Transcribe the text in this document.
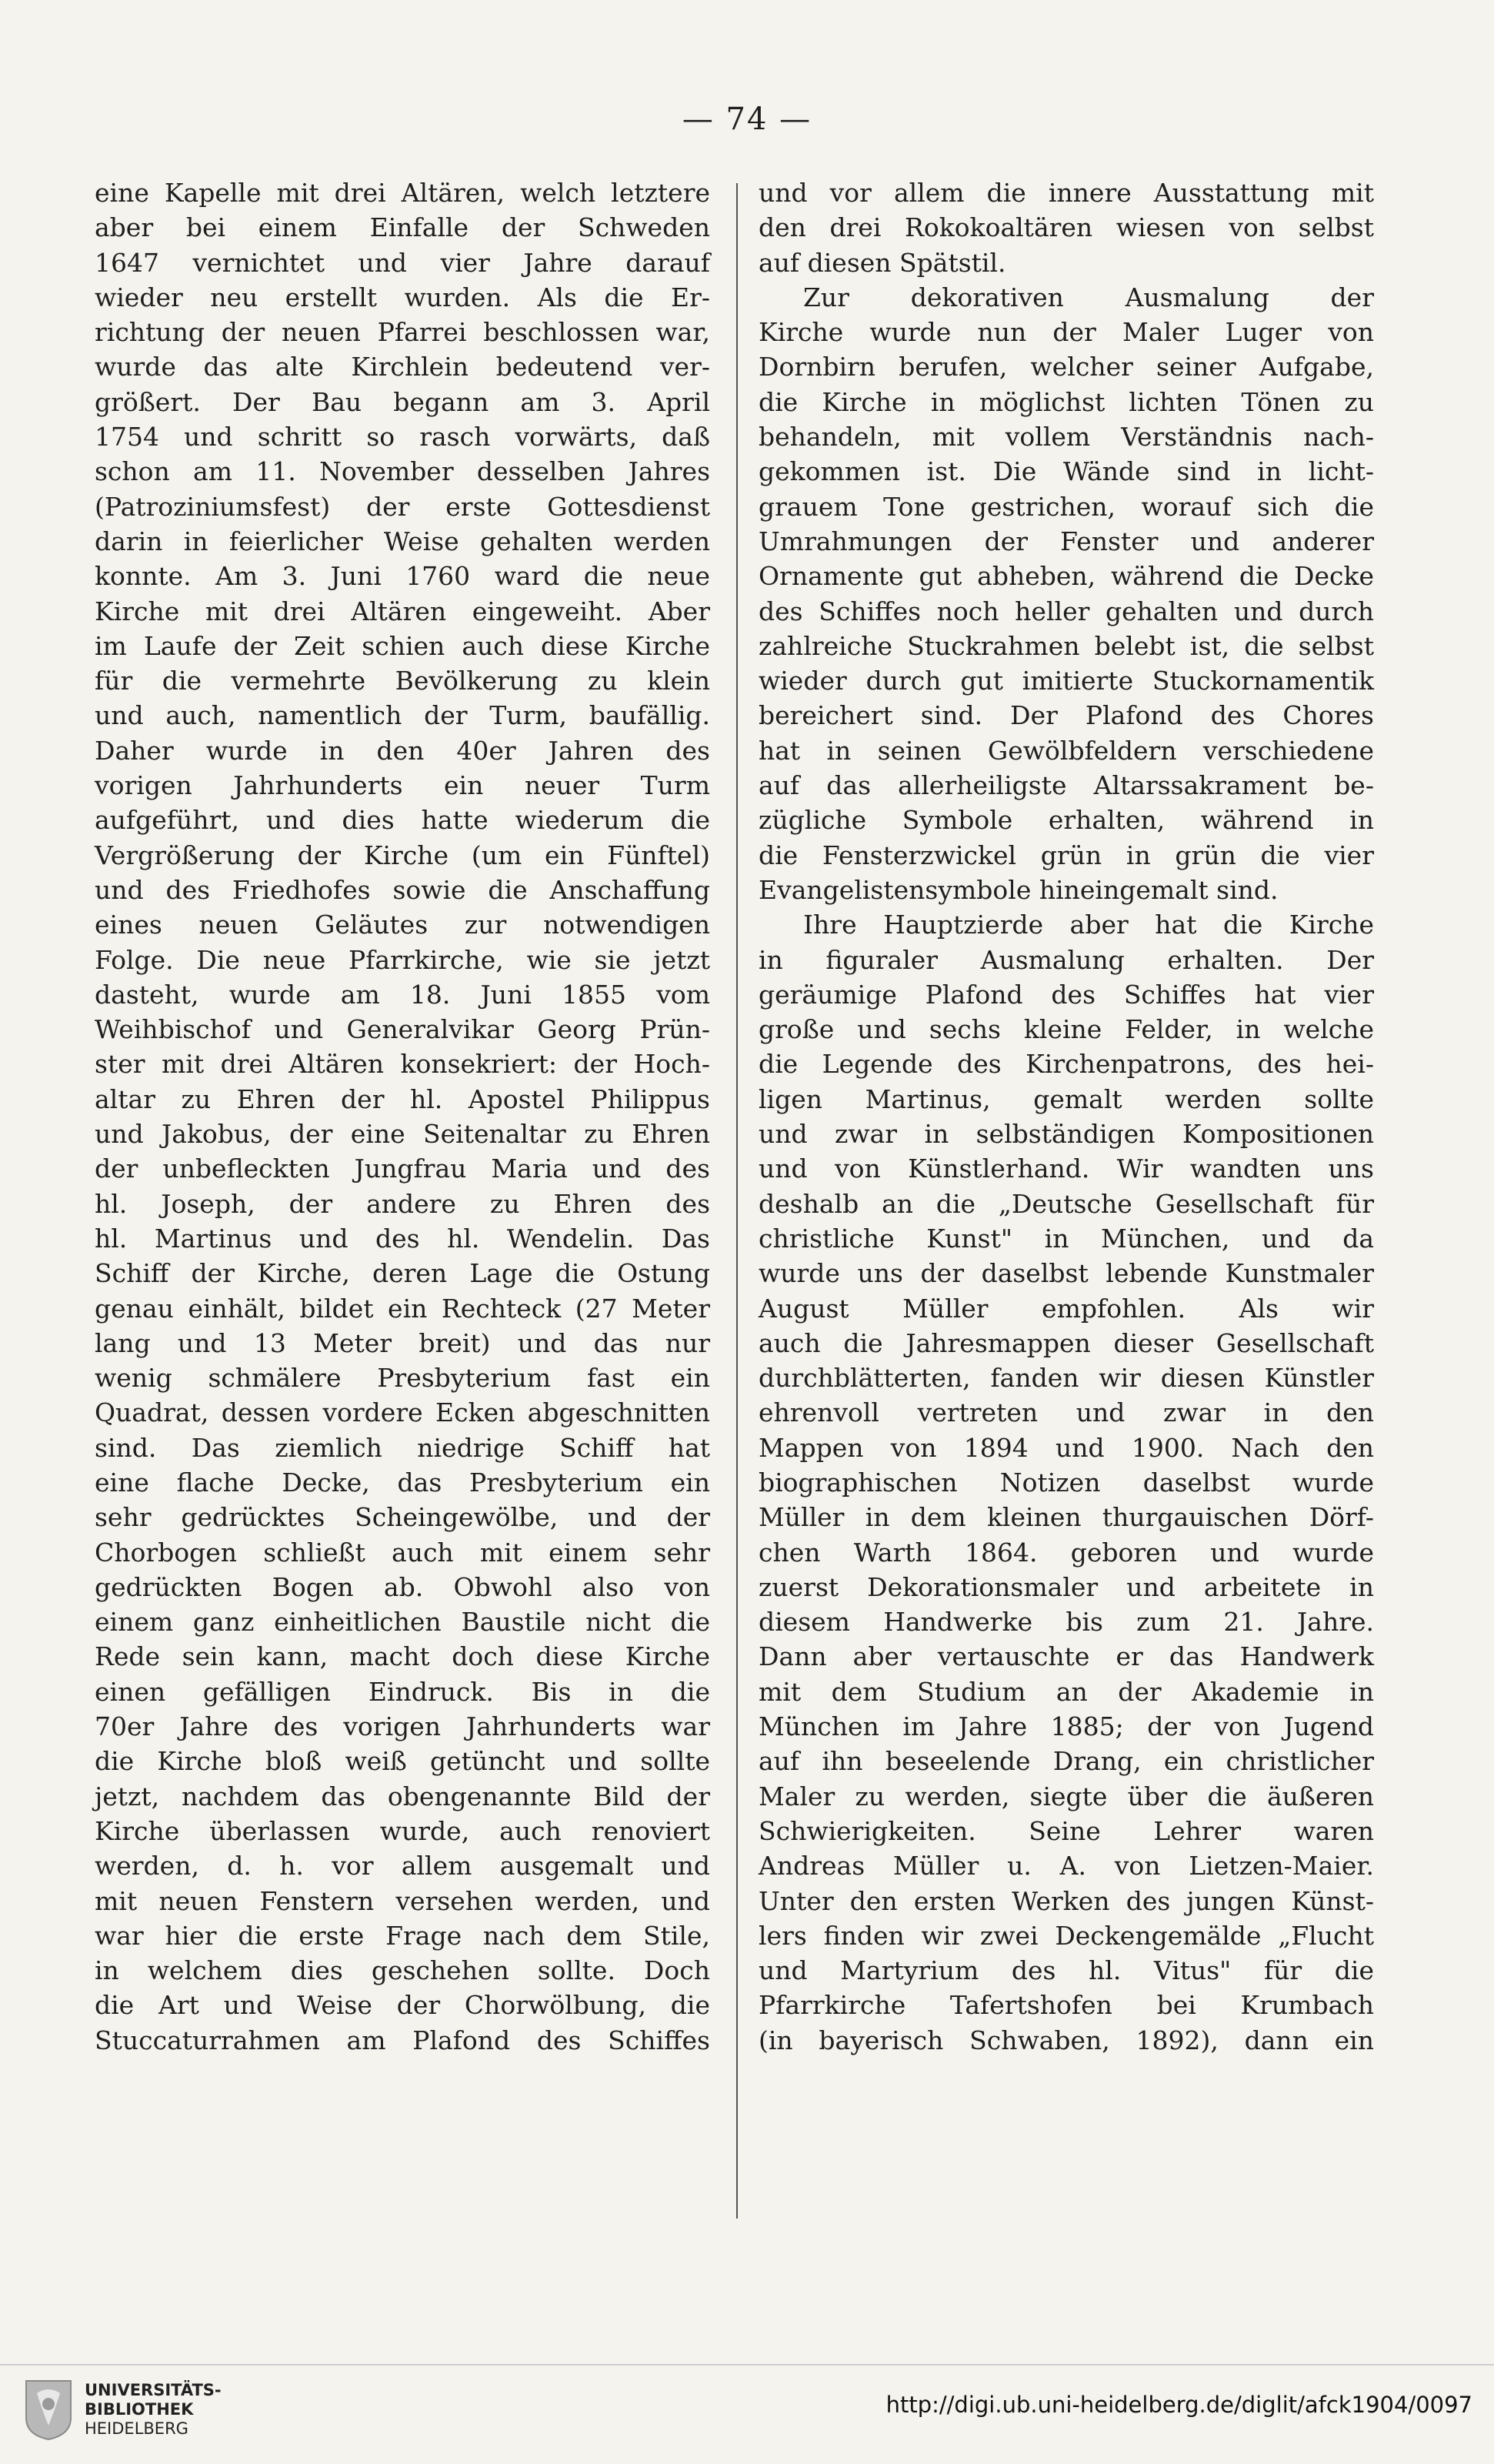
— 74 —
eine Kapelle mit drei Altären, welch letztere
aber bei einem Einfalle der Schweden
1647 vernichtet und vier Jahre darauf
wieder neu erstellt wurden. Als die Er-
richtung der neuen Pfarrei beschlossen war,
wurde das alte Kirchlein bedeutend ver-
größert. Der Bau begann am 3. April
1754 und schritt so rasch vorwärts, daß
schon am 11. November desselben Jahres
(Patroziniumsfest) der erste Gottesdienst
darin in feierlicher Weise gehalten werden
konnte. Am 3. Juni 1760 ward die neue
Kirche mit drei Altären eingeweiht. Aber
im Laufe der Zeit schien auch diese Kirche
für die vermehrte Bevölkerung zu klein
und auch, namentlich der Turm, baufällig.
Daher wurde in den 40er Jahren des
vorigen Jahrhunderts ein neuer Turm
aufgeführt, und dies hatte wiederum die
Vergrößerung der Kirche (um ein Fünftel)
und des Friedhofes sowie die Anschaffung
eines neuen Geläutes zur notwendigen
Folge. Die neue Pfarrkirche, wie sie jetzt
dasteht, wurde am 18. Juni 1855 vom
Weihbischof und Generalvikar Georg Prün-
ster mit drei Altären konsekriert: der Hoch-
altar zu Ehren der hl. Apostel Philippus
und Jakobus, der eine Seitenaltar zu Ehren
der unbefleckten Jungfrau Maria und des
hl. Joseph, der andere zu Ehren des
hl. Martinus und des hl. Wendelin. Das
Schiff der Kirche, deren Lage die Ostung
genau einhält, bildet ein Rechteck (27 Meter
lang und 13 Meter breit) und das nur
wenig schmälere Presbyterium fast ein
Quadrat, dessen vordere Ecken abgeschnitten
sind. Das ziemlich niedrige Schiff hat
eine flache Decke, das Presbyterium ein
sehr gedrücktes Scheingewölbe, und der
Chorbogen schließt auch mit einem sehr
gedrückten Bogen ab. Obwohl also von
einem ganz einheitlichen Baustile nicht die
Rede sein kann, macht doch diese Kirche
einen gefälligen Eindruck. Bis in die
70er Jahre des vorigen Jahrhunderts war
die Kirche bloß weiß getüncht und sollte
jetzt, nachdem das obengenannte Bild der
Kirche überlassen wurde, auch renoviert
werden, d. h. vor allem ausgemalt und
mit neuen Fenstern versehen werden, und
war hier die erste Frage nach dem Stile,
in welchem dies geschehen sollte. Doch
die Art und Weise der Chorwölbung, die
Stuccaturrahmen am Plafond des Schiffes
und vor allem die innere Ausstattung mit
den drei Rokokoaltären wiesen von selbst
auf diesen Spätstil.
Zur dekorativen Ausmalung der
Kirche wurde nun der Maler Luger von
Dornbirn berufen, welcher seiner Aufgabe,
die Kirche in möglichst lichten Tönen zu
behandeln, mit vollem Verständnis nach-
gekommen ist. Die Wände sind in licht-
grauem Tone gestrichen, worauf sich die
Umrahmungen der Fenster und anderer
Ornamente gut abheben, während die Decke
des Schiffes noch heller gehalten und durch
zahlreiche Stuckrahmen belebt ist, die selbst
wieder durch gut imitierte Stuckornamentik
bereichert sind. Der Plafond des Chores
hat in seinen Gewölbfeldern verschiedene
auf das allerheiligste Altarssakrament be-
zügliche Symbole erhalten, während in
die Fensterzwickel grün in grün die vier
Evangelistensymbole hineingemalt sind.
Ihre Hauptzierde aber hat die Kirche
in figuraler Ausmalung erhalten. Der
geräumige Plafond des Schiffes hat vier
große und sechs kleine Felder, in welche
die Legende des Kirchenpatrons, des hei-
ligen Martinus, gemalt werden sollte
und zwar in selbständigen Kompositionen
und von Künstlerhand. Wir wandten uns
deshalb an die „Deutsche Gesellschaft für
christliche Kunst" in München, und da
wurde uns der daselbst lebende Kunstmaler
August Müller empfohlen. Als wir
auch die Jahresmappen dieser Gesellschaft
durchblätterten, fanden wir diesen Künstler
ehrenvoll vertreten und zwar in den
Mappen von 1894 und 1900. Nach den
biographischen Notizen daselbst wurde
Müller in dem kleinen thurgauischen Dörf-
chen Warth 1864. geboren und wurde
zuerst Dekorationsmaler und arbeitete in
diesem Handwerke bis zum 21. Jahre.
Dann aber vertauschte er das Handwerk
mit dem Studium an der Akademie in
München im Jahre 1885; der von Jugend
auf ihn beseelende Drang, ein christlicher
Maler zu werden, siegte über die äußeren
Schwierigkeiten. Seine Lehrer waren
Andreas Müller u. A. von Lietzen-Maier.
Unter den ersten Werken des jungen Künst-
lers finden wir zwei Deckengemälde „Flucht
und Martyrium des hl. Vitus" für die
Pfarrkirche Tafertshofen bei Krumbach
(in bayerisch Schwaben, 1892), dann ein
UNIVERSITÄTS-
BIBLIOTHEK
HEIDELBERG
http://digi.ub.uni-heidelberg.de/diglit/afck1904/0097
